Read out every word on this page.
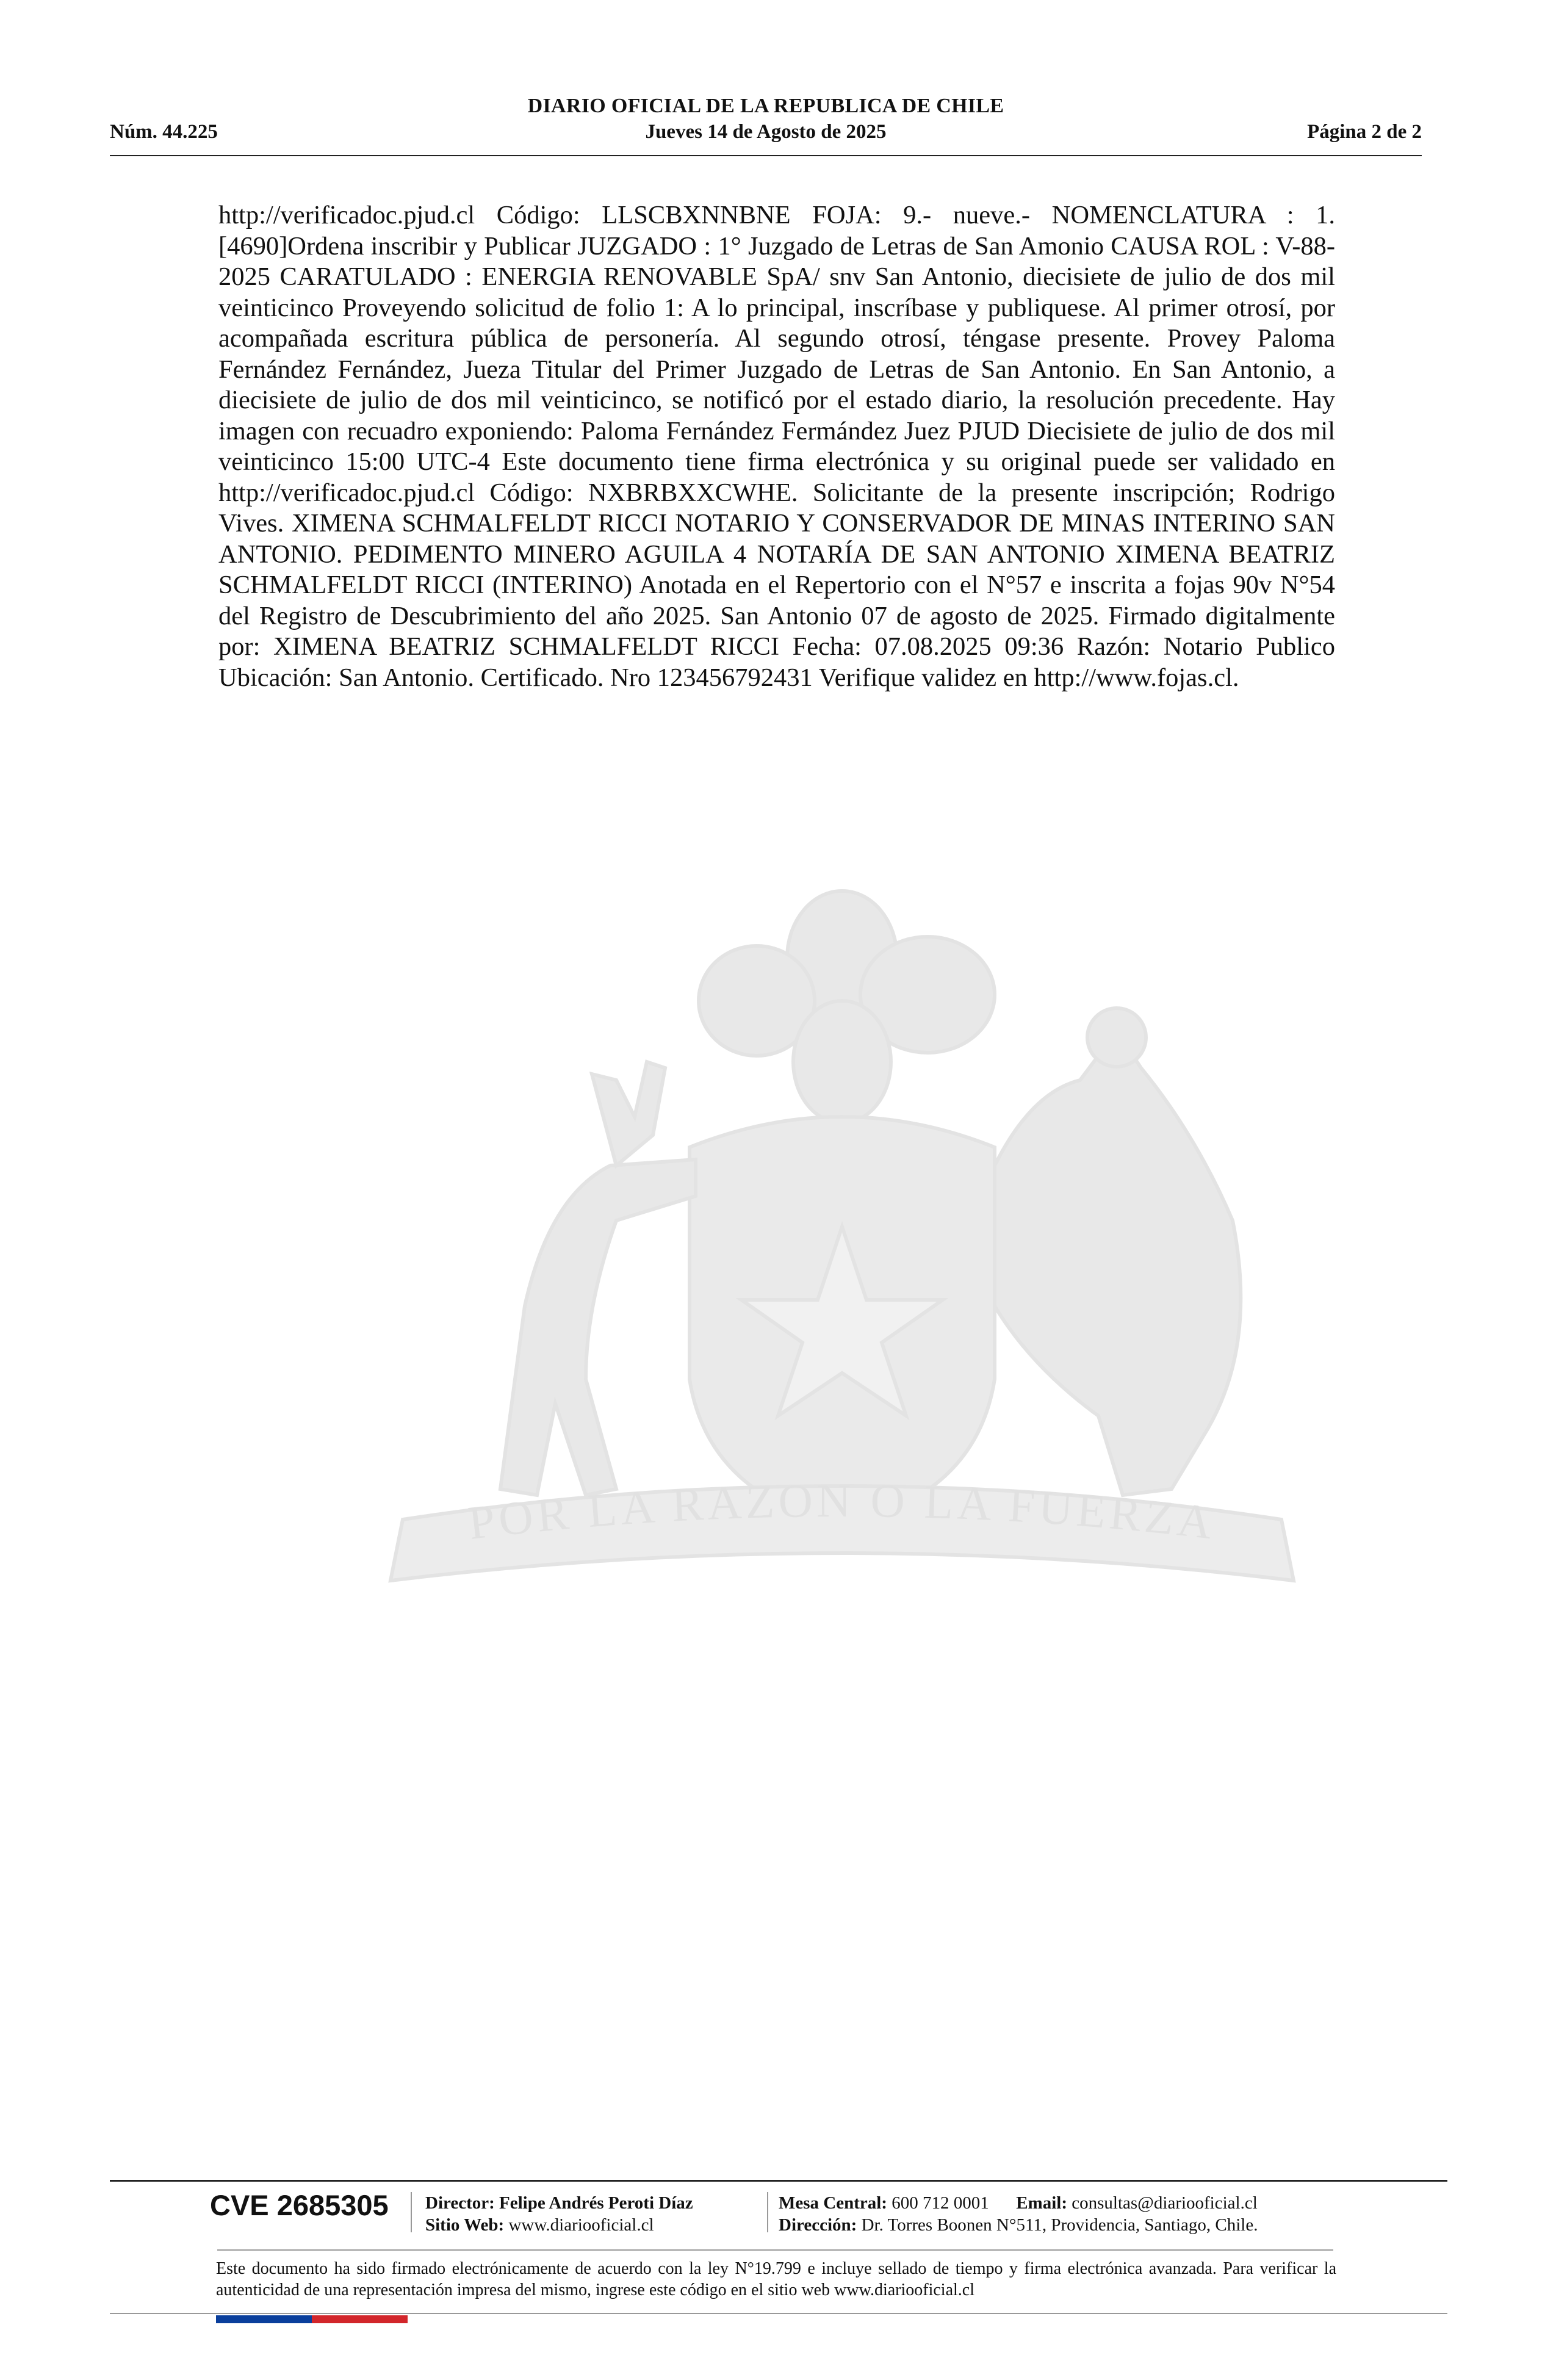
DIARIO OFICIAL DE LA REPUBLICA DE CHILE
Núm. 44.225	Jueves 14 de Agosto de 2025	Página 2 de 2

http://verificadoc.pjud.cl Código: LLSCBXNNBNE FOJA: 9.- nueve.- NOMENCLATURA : 1. [4690]Ordena inscribir y Publicar JUZGADO : 1° Juzgado de Letras de San Amonio CAUSA ROL : V-88-2025 CARATULADO : ENERGIA RENOVABLE SpA/ snv San Antonio, diecisiete de julio de dos mil veinticinco Proveyendo solicitud de folio 1: A lo principal, inscríbase y publiquese. Al primer otrosí, por acompañada escritura pública de personería. Al segundo otrosí, téngase presente. Provey Paloma Fernández Fernández, Jueza Titular del Primer Juzgado de Letras de San Antonio. En San Antonio, a diecisiete de julio de dos mil veinticinco, se notificó por el estado diario, la resolución precedente. Hay imagen con recuadro exponiendo: Paloma Fernández Fermández Juez PJUD Diecisiete de julio de dos mil veinticinco 15:00 UTC-4 Este documento tiene firma electrónica y su original puede ser validado en http://verificadoc.pjud.cl Código: NXBRBXXCWHE. Solicitante de la presente inscripción; Rodrigo Vives. XIMENA SCHMALFELDT RICCI NOTARIO Y CONSERVADOR DE MINAS INTERINO SAN ANTONIO. PEDIMENTO MINERO AGUILA 4 NOTARÍA DE SAN ANTONIO XIMENA BEATRIZ SCHMALFELDT RICCI (INTERINO) Anotada en el Repertorio con el N°57 e inscrita a fojas 90v N°54 del Registro de Descubrimiento del año 2025. San Antonio 07 de agosto de 2025. Firmado digitalmente por: XIMENA BEATRIZ SCHMALFELDT RICCI Fecha: 07.08.2025 09:36 Razón: Notario Publico Ubicación: San Antonio. Certificado. Nro 123456792431 Verifique validez en http://www.fojas.cl.

POR LA RAZON O LA FUERZA
CVE 2685305 Director: Felipe Andrés Peroti Díaz
Sitio Web: www.diariooficial.cl
Mesa Central: 600 712 0001 Email: consultas@diariooficial.cl
Dirección: Dr. Torres Boonen N°511, Providencia, Santiago, Chile.

Este documento ha sido firmado electrónicamente de acuerdo con la ley N°19.799 e incluye sellado de tiempo y firma electrónica avanzada. Para verificar la autenticidad de una representación impresa del mismo, ingrese este código en el sitio web www.diariooficial.cl
